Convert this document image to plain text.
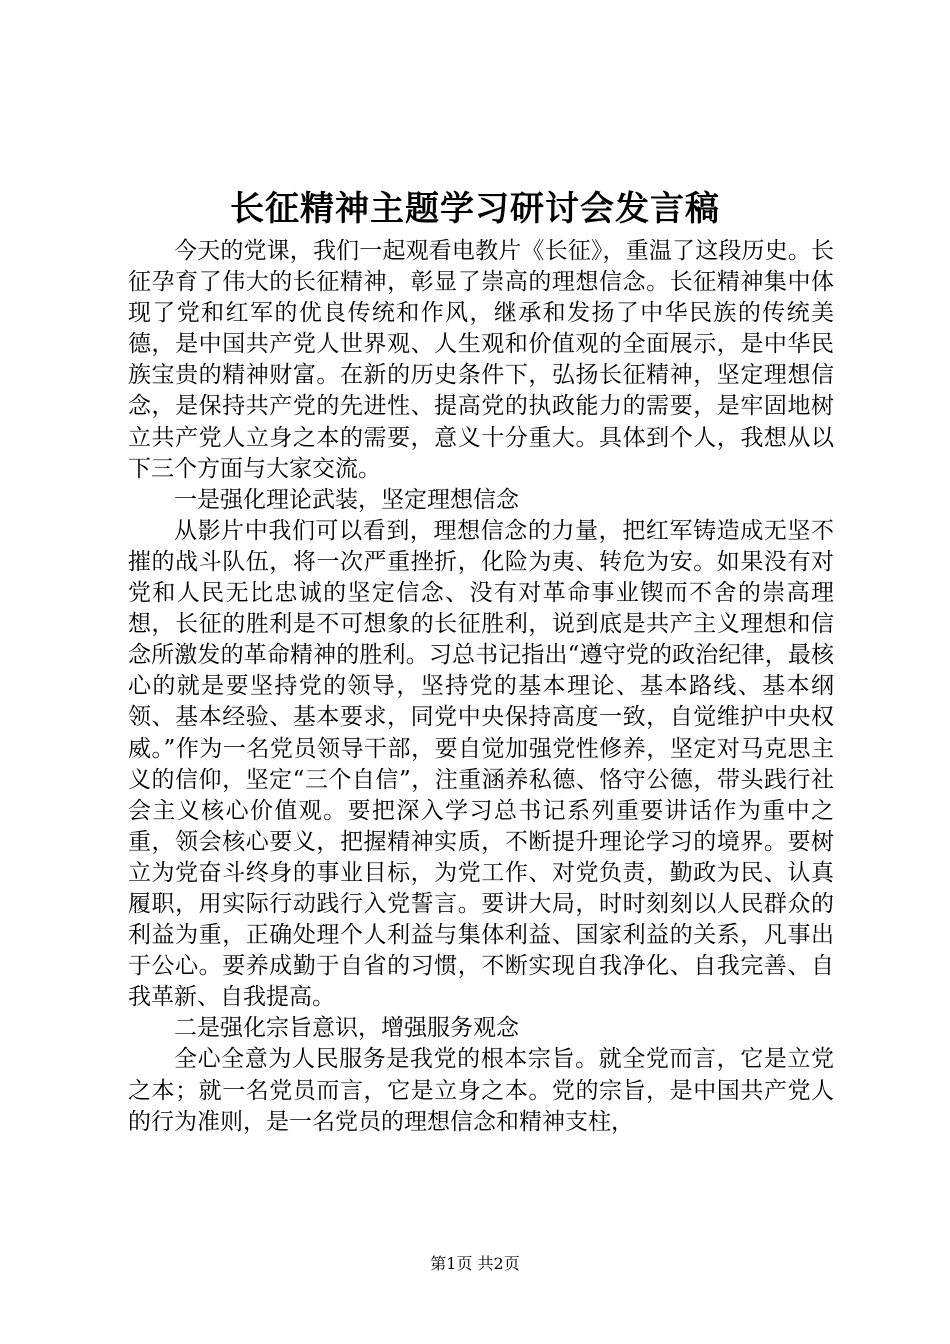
长征精神主题学习研讨会发言稿

今天的党课，我们一起观看电教片《长征》，重温了这段历史。长征孕育了伟大的长征精神，彰显了崇高的理想信念。长征精神集中体现了党和红军的优良传统和作风，继承和发扬了中华民族的传统美德，是中国共产党人世界观、人生观和价值观的全面展示，是中华民族宝贵的精神财富。在新的历史条件下，弘扬长征精神，坚定理想信念，是保持共产党的先进性、提高党的执政能力的需要，是牢固地树立共产党人立身之本的需要，意义十分重大。具体到个人，我想从以下三个方面与大家交流。

一是强化理论武装，坚定理想信念

从影片中我们可以看到，理想信念的力量，把红军铸造成无坚不摧的战斗队伍，将一次严重挫折，化险为夷、转危为安。如果没有对党和人民无比忠诚的坚定信念、没有对革命事业锲而不舍的崇高理想，长征的胜利是不可想象的长征胜利，说到底是共产主义理想和信念所激发的革命精神的胜利。习总书记指出“遵守党的政治纪律，最核心的就是要坚持党的领导，坚持党的基本理论、基本路线、基本纲领、基本经验、基本要求，同党中央保持高度一致，自觉维护中央权威。”作为一名党员领导干部，要自觉加强党性修养，坚定对马克思主义的信仰，坚定“三个自信”，注重涵养私德、恪守公德，带头践行社会主义核心价值观。要把深入学习总书记系列重要讲话作为重中之重，领会核心要义，把握精神实质，不断提升理论学习的境界。要树立为党奋斗终身的事业目标，为党工作、对党负责，勤政为民、认真履职，用实际行动践行入党誓言。要讲大局，时时刻刻以人民群众的利益为重，正确处理个人利益与集体利益、国家利益的关系，凡事出于公心。要养成勤于自省的习惯，不断实现自我净化、自我完善、自我革新、自我提高。

二是强化宗旨意识，增强服务观念

全心全意为人民服务是我党的根本宗旨。就全党而言，它是立党之本；就一名党员而言，它是立身之本。党的宗旨，是中国共产党人的行为准则，是一名党员的理想信念和精神支柱，

第1页 共2页
